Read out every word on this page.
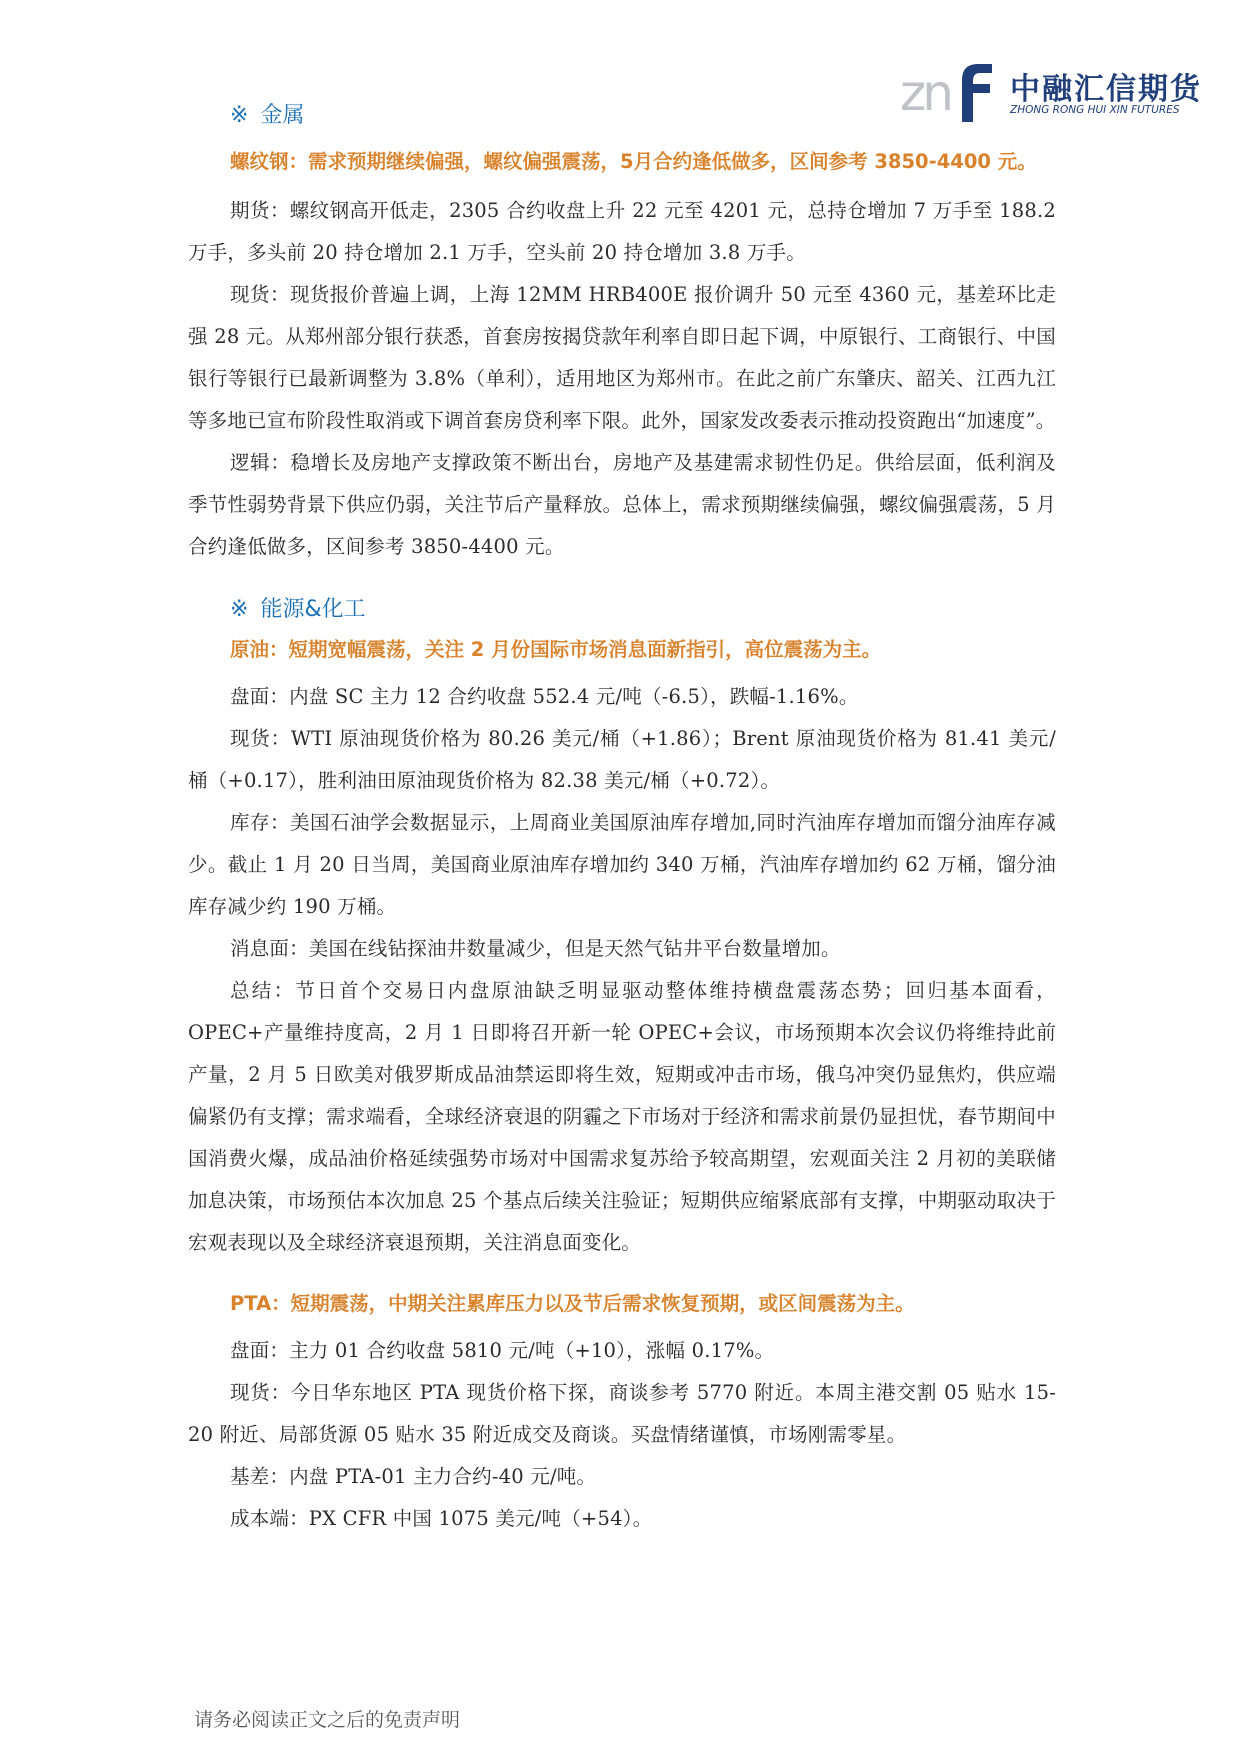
zn 中融汇信期货
ZHONG RONG HUI XIN FUTURES
※ 金属

螺纹钢：需求预期继续偏强，螺纹偏强震荡，5月合约逢低做多，区间参考 3850-4400 元。

期货：螺纹钢高开低走，2305 合约收盘上升 22 元至 4201 元，总持仓增加 7 万手至 188.2 万手，多头前 20 持仓增加 2.1 万手，空头前 20 持仓增加 3.8 万手。

现货：现货报价普遍上调，上海 12MM HRB400E 报价调升 50 元至 4360 元，基差环比走强 28 元。从郑州部分银行获悉，首套房按揭贷款年利率自即日起下调，中原银行、工商银行、中国银行等银行已最新调整为 3.8%（单利），适用地区为郑州市。在此之前广东肇庆、韶关、江西九江等多地已宣布阶段性取消或下调首套房贷利率下限。此外，国家发改委表示推动投资跑出“加速度”。

逻辑：稳增长及房地产支撑政策不断出台，房地产及基建需求韧性仍足。供给层面，低利润及季节性弱势背景下供应仍弱，关注节后产量释放。总体上，需求预期继续偏强，螺纹偏强震荡，5 月合约逢低做多，区间参考 3850-4400 元。

※ 能源&化工

原油：短期宽幅震荡，关注 2 月份国际市场消息面新指引，高位震荡为主。

盘面：内盘 SC 主力 12 合约收盘 552.4 元/吨（-6.5），跌幅-1.16%。

现货：WTI 原油现货价格为 80.26 美元/桶（+1.86）；Brent 原油现货价格为 81.41 美元/桶（+0.17），胜利油田原油现货价格为 82.38 美元/桶（+0.72）。

库存：美国石油学会数据显示，上周商业美国原油库存增加,同时汽油库存增加而馏分油库存减少。截止 1 月 20 日当周，美国商业原油库存增加约 340 万桶，汽油库存增加约 62 万桶，馏分油库存减少约 190 万桶。

消息面：美国在线钻探油井数量减少，但是天然气钻井平台数量增加。

总结：节日首个交易日内盘原油缺乏明显驱动整体维持横盘震荡态势；回归基本面看，OPEC+产量维持度高，2 月 1 日即将召开新一轮 OPEC+会议，市场预期本次会议仍将维持此前产量，2 月 5 日欧美对俄罗斯成品油禁运即将生效，短期或冲击市场，俄乌冲突仍显焦灼，供应端偏紧仍有支撑；需求端看，全球经济衰退的阴霾之下市场对于经济和需求前景仍显担忧，春节期间中国消费火爆，成品油价格延续强势市场对中国需求复苏给予较高期望，宏观面关注 2 月初的美联储加息决策，市场预估本次加息 25 个基点后续关注验证；短期供应缩紧底部有支撑，中期驱动取决于宏观表现以及全球经济衰退预期，关注消息面变化。

PTA：短期震荡，中期关注累库压力以及节后需求恢复预期，或区间震荡为主。

盘面：主力 01 合约收盘 5810 元/吨（+10），涨幅 0.17%。

现货：今日华东地区 PTA 现货价格下探，商谈参考 5770 附近。本周主港交割 05 贴水 15-20 附近、局部货源 05 贴水 35 附近成交及商谈。买盘情绪谨慎，市场刚需零星。

基差：内盘 PTA-01 主力合约-40 元/吨。

成本端：PX CFR 中国 1075 美元/吨（+54）。

请务必阅读正文之后的免责声明
